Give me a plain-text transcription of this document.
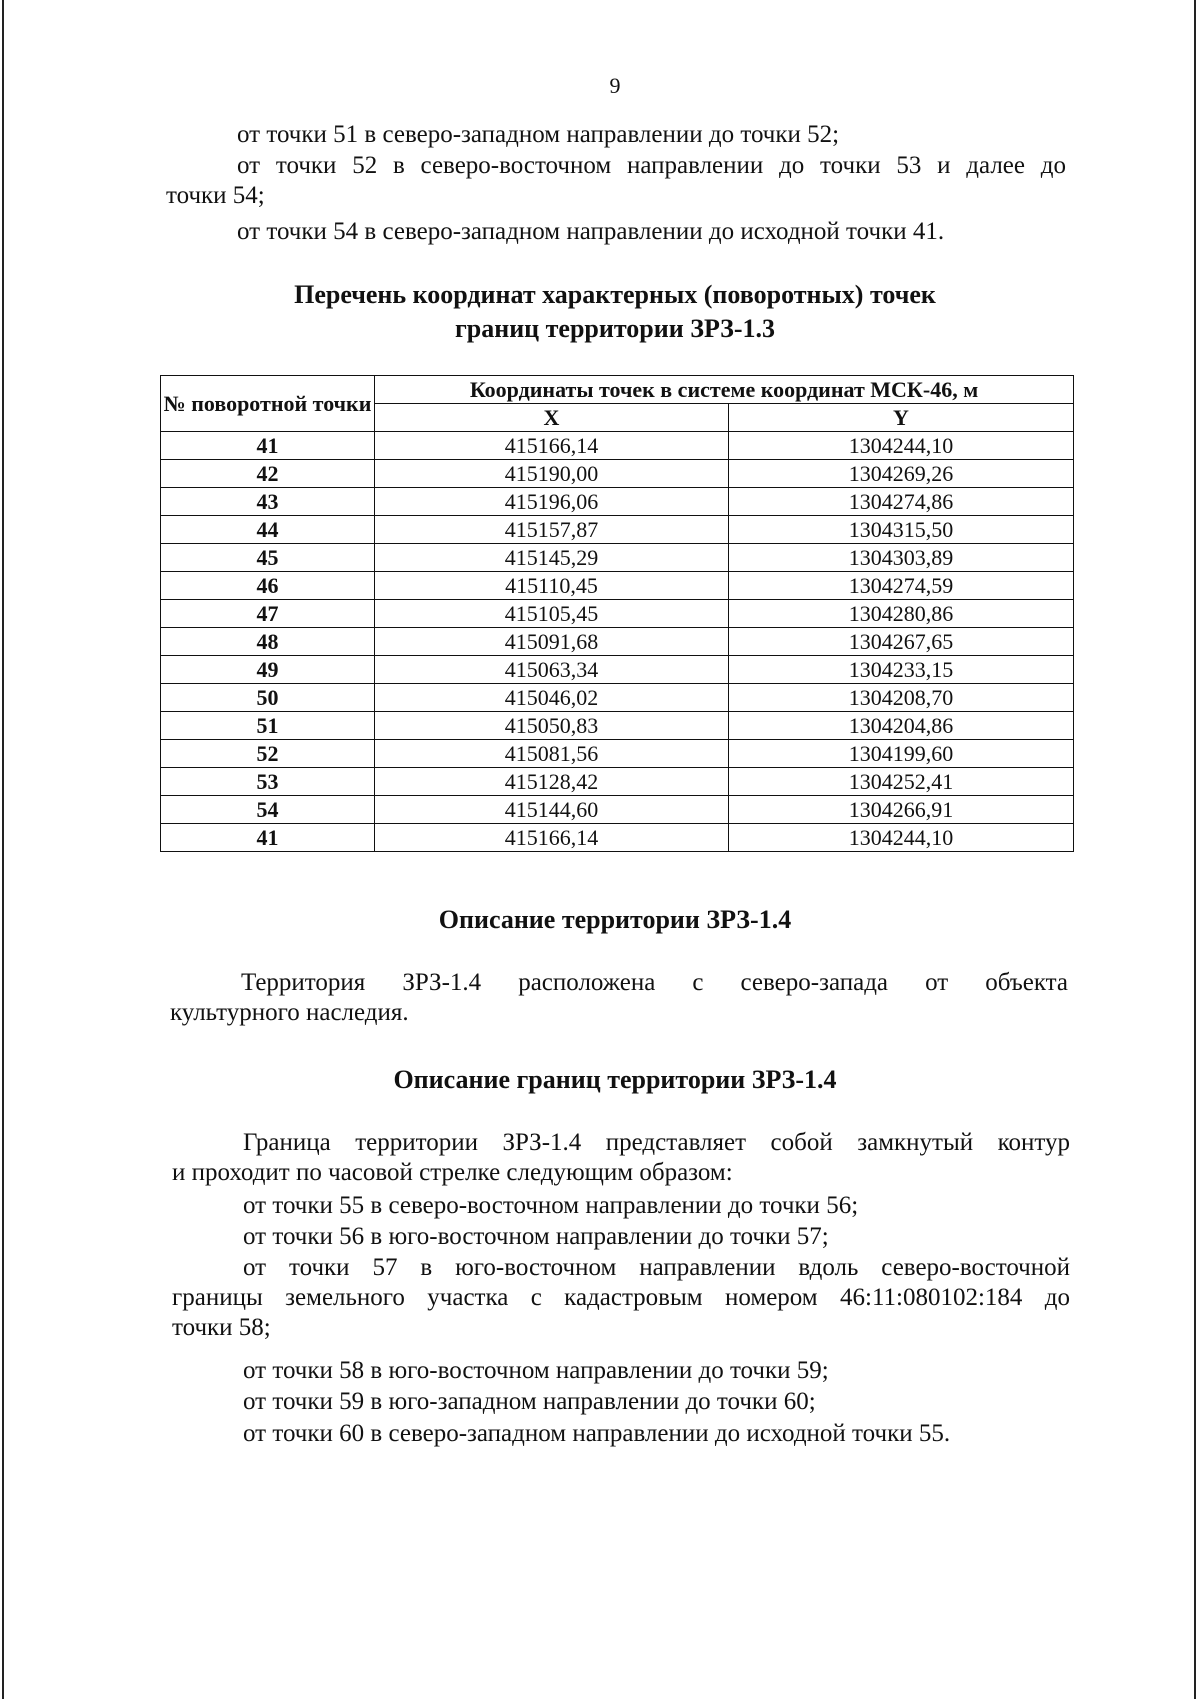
9
от точки 51 в северо-западном направлении до точки 52;
от точки 52 в северо-восточном направлении до точки 53 и далее до
точки 54;
от точки 54 в северо-западном направлении до исходной точки 41.
Перечень координат характерных (поворотных) точек
границ территории ЗРЗ-1.3
№ поворотной точки	Координаты точек в системе координат МСК-46, м	
	X	Y
41	415166,14	1304244,10
42	415190,00	1304269,26
43	415196,06	1304274,86
44	415157,87	1304315,50
45	415145,29	1304303,89
46	415110,45	1304274,59
47	415105,45	1304280,86
48	415091,68	1304267,65
49	415063,34	1304233,15
50	415046,02	1304208,70
51	415050,83	1304204,86
52	415081,56	1304199,60
53	415128,42	1304252,41
54	415144,60	1304266,91
41	415166,14	1304244,10
Описание территории ЗРЗ-1.4
Территория ЗРЗ-1.4 расположена с северо-запада от объекта
культурного наследия.
Описание границ территории ЗРЗ-1.4
Граница территории ЗРЗ-1.4 представляет собой замкнутый контур
и проходит по часовой стрелке следующим образом:
от точки 55 в северо-восточном направлении до точки 56;
от точки 56 в юго-восточном направлении до точки 57;
от точки 57 в юго-восточном направлении вдоль северо-восточной
границы земельного участка с кадастровым номером 46:11:080102:184 до
точки 58;
от точки 58 в юго-восточном направлении до точки 59;
от точки 59 в юго-западном направлении до точки 60;
от точки 60 в северо-западном направлении до исходной точки 55.
